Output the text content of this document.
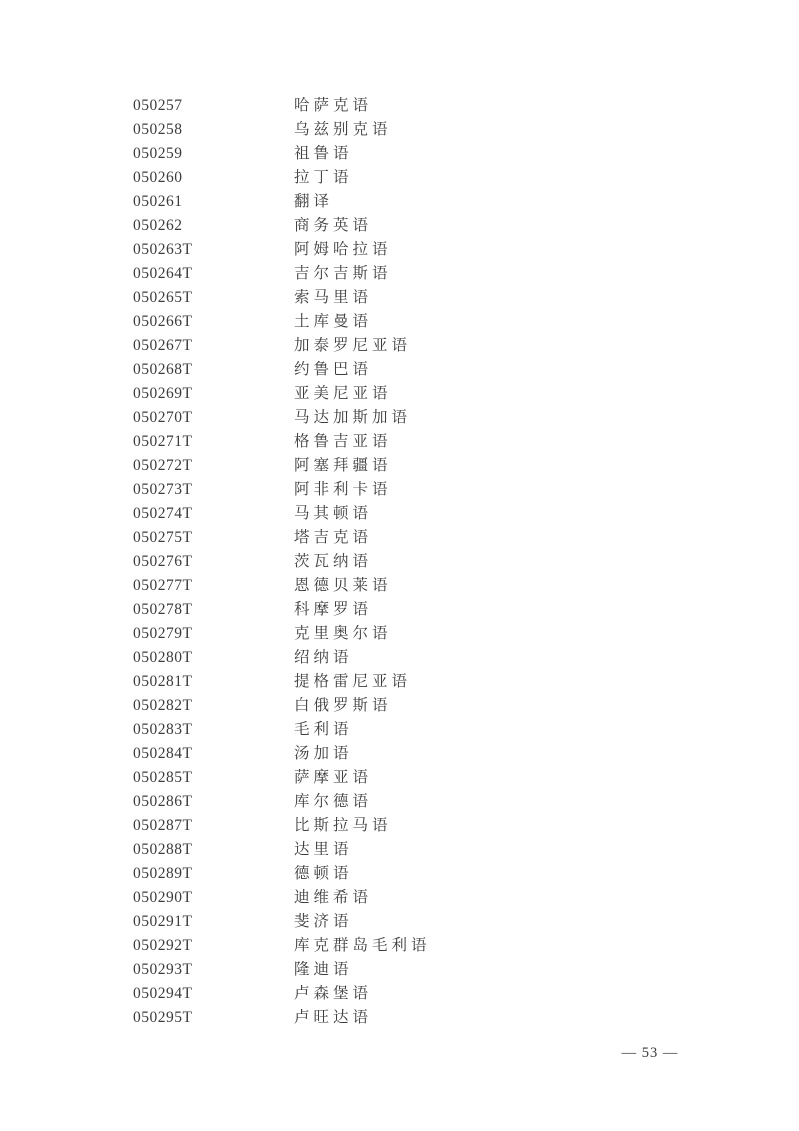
050257	哈萨克语
050258	乌兹别克语
050259	祖鲁语
050260	拉丁语
050261	翻译
050262	商务英语
050263T	阿姆哈拉语
050264T	吉尔吉斯语
050265T	索马里语
050266T	土库曼语
050267T	加泰罗尼亚语
050268T	约鲁巴语
050269T	亚美尼亚语
050270T	马达加斯加语
050271T	格鲁吉亚语
050272T	阿塞拜疆语
050273T	阿非利卡语
050274T	马其顿语
050275T	塔吉克语
050276T	茨瓦纳语
050277T	恩德贝莱语
050278T	科摩罗语
050279T	克里奥尔语
050280T	绍纳语
050281T	提格雷尼亚语
050282T	白俄罗斯语
050283T	毛利语
050284T	汤加语
050285T	萨摩亚语
050286T	库尔德语
050287T	比斯拉马语
050288T	达里语
050289T	德顿语
050290T	迪维希语
050291T	斐济语
050292T	库克群岛毛利语
050293T	隆迪语
050294T	卢森堡语
050295T	卢旺达语
— 53 —
